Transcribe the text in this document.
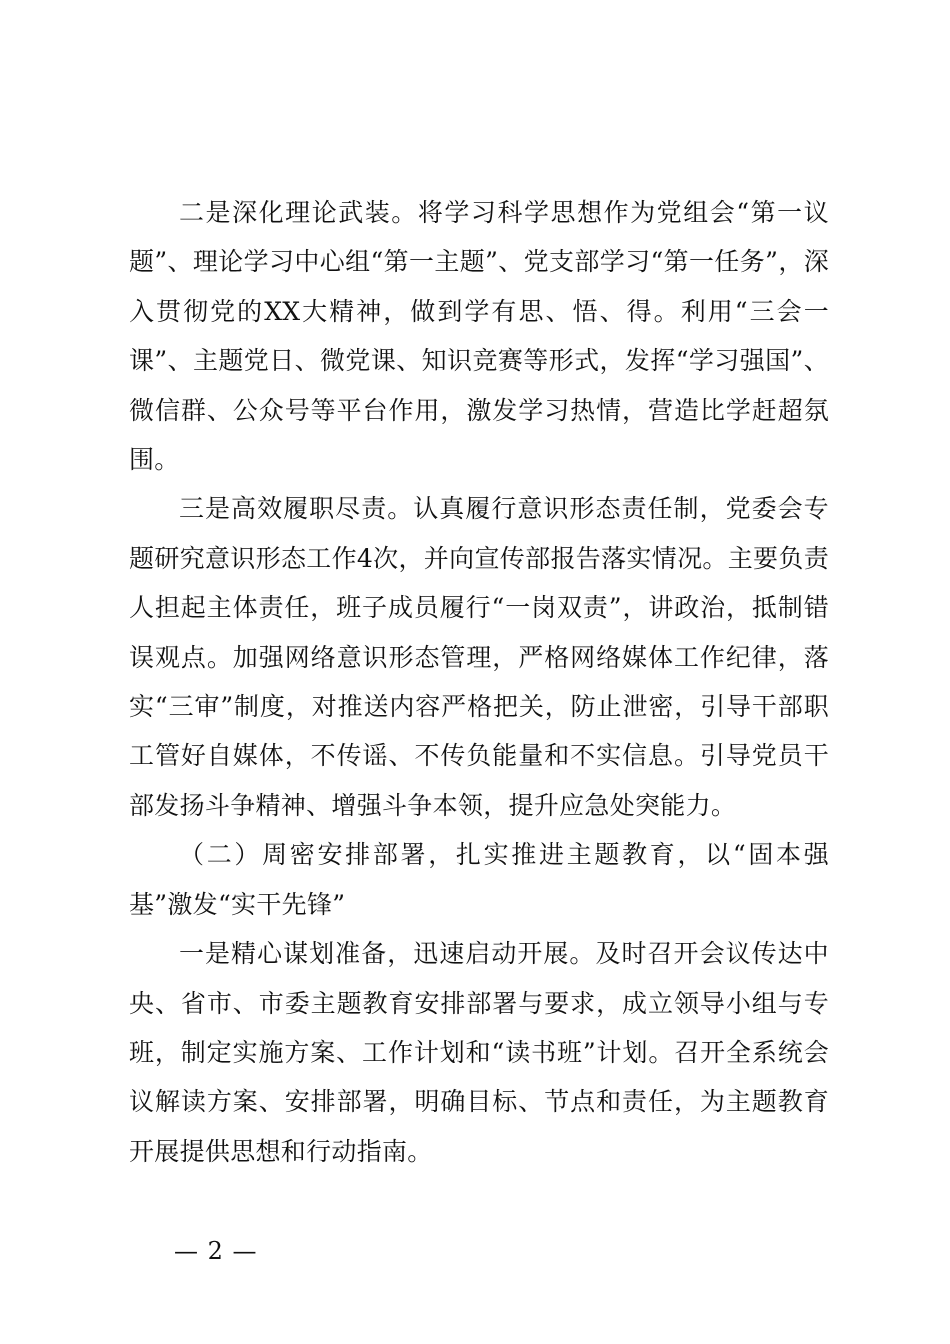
二是深化理论武装。将学习科学思想作为党组会“第一议题”、理论学习中心组“第一主题”、党支部学习“第一任务”，深入贯彻党的XX大精神，做到学有思、悟、得。利用“三会一课”、主题党日、微党课、知识竞赛等形式，发挥“学习强国”、微信群、公众号等平台作用，激发学习热情，营造比学赶超氛围。

三是高效履职尽责。认真履行意识形态责任制，党委会专题研究意识形态工作4次，并向宣传部报告落实情况。主要负责人担起主体责任，班子成员履行“一岗双责”，讲政治，抵制错误观点。加强网络意识形态管理，严格网络媒体工作纪律，落实“三审”制度，对推送内容严格把关，防止泄密，引导干部职工管好自媒体，不传谣、不传负能量和不实信息。引导党员干部发扬斗争精神、增强斗争本领，提升应急处突能力。

（二）周密安排部署，扎实推进主题教育，以“固本强基”激发“实干先锋”

一是精心谋划准备，迅速启动开展。及时召开会议传达中央、省市、市委主题教育安排部署与要求，成立领导小组与专班，制定实施方案、工作计划和“读书班”计划。召开全系统会议解读方案、安排部署，明确目标、节点和责任，为主题教育开展提供思想和行动指南。

— 2 —
